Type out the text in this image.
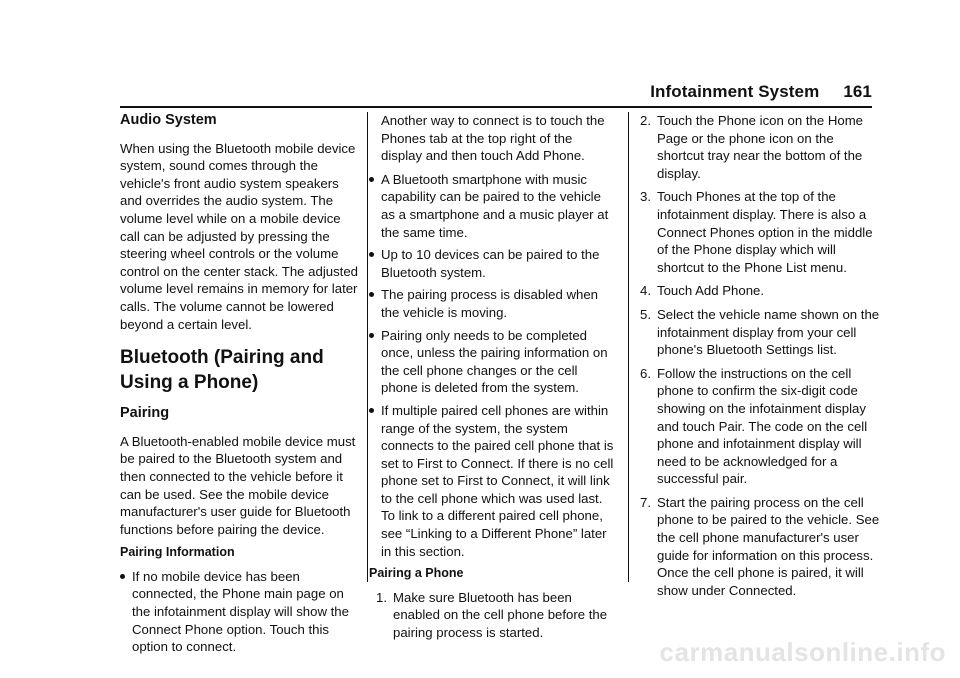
Infotainment System 161
Audio System

When using the Bluetooth mobile device system, sound comes through the vehicle's front audio system speakers and overrides the audio system. The volume level while on a mobile device call can be adjusted by pressing the steering wheel controls or the volume control on the center stack. The adjusted volume level remains in memory for later calls. The volume cannot be lowered beyond a certain level.

Bluetooth (Pairing and Using a Phone)
Pairing

A Bluetooth-enabled mobile device must be paired to the Bluetooth system and then connected to the vehicle before it can be used. See the mobile device manufacturer's user guide for Bluetooth functions before pairing the device.

Pairing Information
If no mobile device has been connected, the Phone main page on the infotainment display will show the Connect Phone option. Touch this option to connect.

Another way to connect is to touch the Phones tab at the top right of the display and then touch Add Phone.

A Bluetooth smartphone with music capability can be paired to the vehicle as a smartphone and a music player at the same time.
Up to 10 devices can be paired to the Bluetooth system.
The pairing process is disabled when the vehicle is moving.
Pairing only needs to be completed once, unless the pairing information on the cell phone changes or the cell phone is deleted from the system.
If multiple paired cell phones are within range of the system, the system connects to the paired cell phone that is set to First to Connect. If there is no cell phone set to First to Connect, it will link to the cell phone which was used last. To link to a different paired cell phone, see “Linking to a Different Phone” later in this section.
Pairing a Phone
1. Make sure Bluetooth has been enabled on the cell phone before the pairing process is started.
2. Touch the Phone icon on the Home Page or the phone icon on the shortcut tray near the bottom of the display.
3. Touch Phones at the top of the infotainment display. There is also a Connect Phones option in the middle of the Phone display which will shortcut to the Phone List menu.
4. Touch Add Phone.
5. Select the vehicle name shown on the infotainment display from your cell phone's Bluetooth Settings list.
6. Follow the instructions on the cell phone to confirm the six-digit code showing on the infotainment display and touch Pair. The code on the cell phone and infotainment display will need to be acknowledged for a successful pair.
7. Start the pairing process on the cell phone to be paired to the vehicle. See the cell phone manufacturer's user guide for information on this process. Once the cell phone is paired, it will show under Connected.
carmanualsonline.info
